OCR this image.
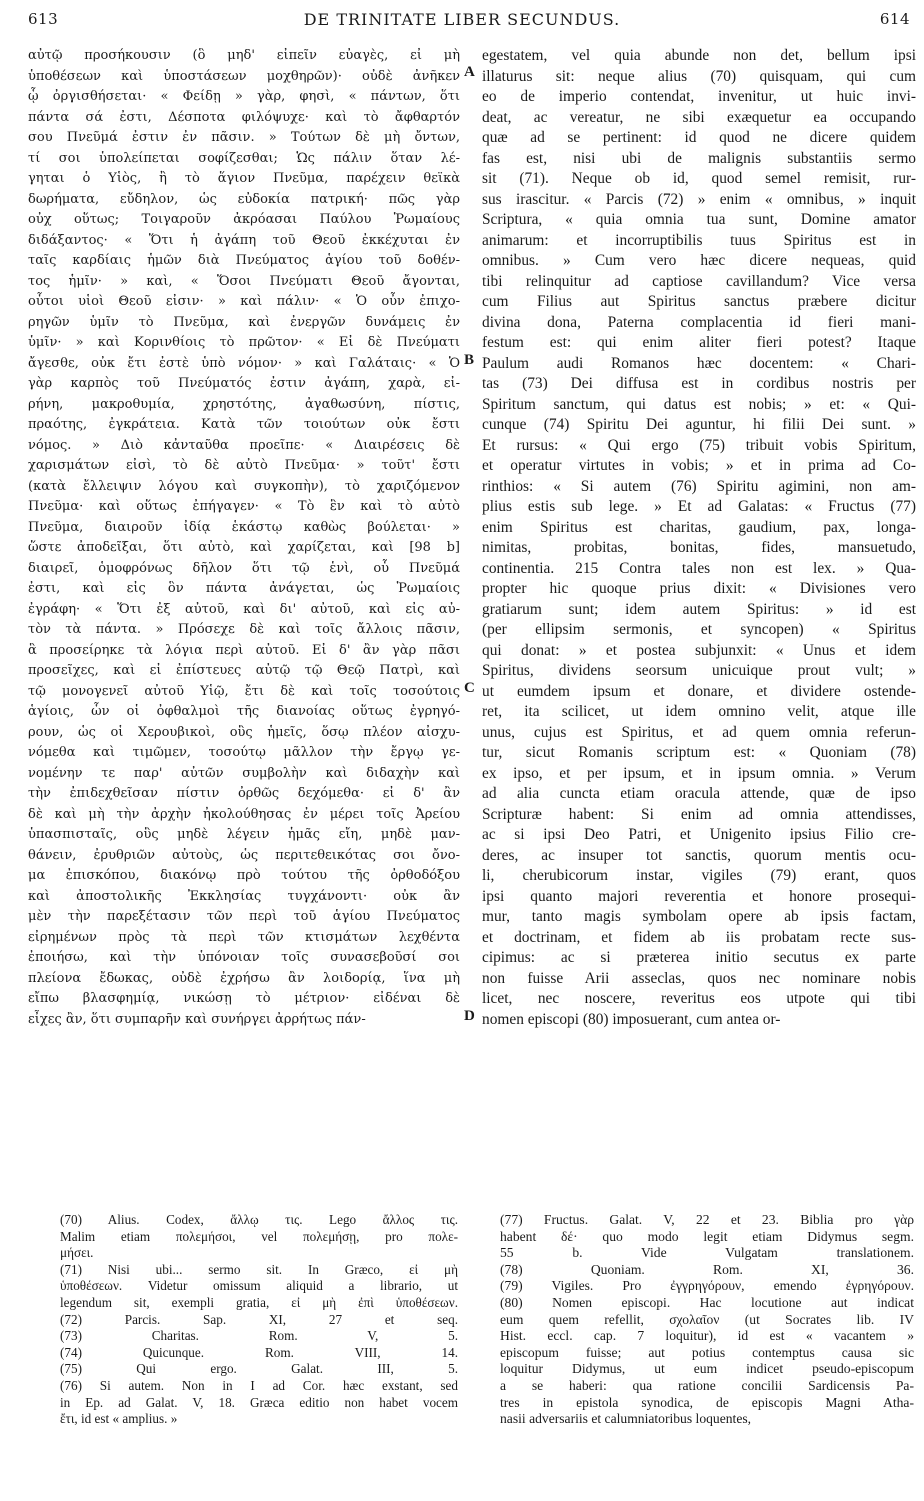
613	DE TRINITATE LIBER SECUNDUS.	614
αὐτῷ προσήκουσιν (ὃ μηδ' εἰπεῖν εὐαγὲς, εἰ μὴ
ὑποθέσεων καὶ ὑποστάσεων μοχθηρῶν)· οὐδὲ ἀνῆκεν
ᾧ ὀργισθήσεται· « Φείδῃ » γὰρ, φησὶ, « πάντων, ὅτι
πάντα σά ἐστι, Δέσποτα φιλόψυχε· καὶ τὸ ἄφθαρτόν
σου Πνεῦμά ἐστιν ἐν πᾶσιν. » Τούτων δὲ μὴ ὄντων,
τί σοι ὑπολείπεται σοφίζεσθαι; Ὡς πάλιν ὅταν λέ-
γηται ὁ Υἱὸς, ἢ τὸ ἅγιον Πνεῦμα, παρέχειν θεϊκὰ
δωρήματα, εὔδηλον, ὡς εὐδοκία πατρική· πῶς γὰρ
οὐχ οὕτως; Τοιγαροῦν ἀκρόασαι Παύλου Ῥωμαίους
διδάξαντος· « Ὅτι ἡ ἀγάπη τοῦ Θεοῦ ἐκκέχυται ἐν
ταῖς καρδίαις ἡμῶν διὰ Πνεύματος ἁγίου τοῦ δοθέν-
τος ἡμῖν· » καὶ, « Ὅσοι Πνεύματι Θεοῦ ἄγονται,
οὗτοι υἱοὶ Θεοῦ εἰσιν· » καὶ πάλιν· « Ὁ οὖν ἐπιχο-
ρηγῶν ὑμῖν τὸ Πνεῦμα, καὶ ἐνεργῶν δυνάμεις ἐν
ὑμῖν· » καὶ Κορινθίοις τὸ πρῶτον· « Εἰ δὲ Πνεύματι
ἄγεσθε, οὐκ ἔτι ἐστὲ ὑπὸ νόμον· » καὶ Γαλάταις· « Ὁ
γὰρ καρπὸς τοῦ Πνεύματός ἐστιν ἀγάπη, χαρὰ, εἰ-
ρήνη, μακροθυμία, χρηστότης, ἀγαθωσύνη, πίστις,
πραότης, ἐγκράτεια. Κατὰ τῶν τοιούτων οὐκ ἔστι
νόμος. » Διὸ κἀνταῦθα προεῖπε· « Διαιρέσεις δὲ
χαρισμάτων εἰσὶ, τὸ δὲ αὐτὸ Πνεῦμα· » τοῦτ' ἔστι
(κατὰ ἔλλειψιν λόγου καὶ συγκοπὴν), τὸ χαριζόμενον
Πνεῦμα· καὶ οὕτως ἐπήγαγεν· « Τὸ ἓν καὶ τὸ αὐτὸ
Πνεῦμα, διαιροῦν ἰδίᾳ ἑκάστῳ καθὼς βούλεται· »
ὥστε ἀποδεῖξαι, ὅτι αὐτὸ, καὶ χαρίζεται, καὶ [98 b]
διαιρεῖ, ὁμοφρόνως δῆλον ὅτι τῷ ἑνὶ, οὗ Πνεῦμά
ἐστι, καὶ εἰς ὃν πάντα ἀνάγεται, ὡς Ῥωμαίοις
ἐγράφη· « Ὅτι ἐξ αὐτοῦ, καὶ δι' αὐτοῦ, καὶ εἰς αὐ-
τὸν τὰ πάντα. » Πρόσεχε δὲ καὶ τοῖς ἄλλοις πᾶσιν,
ἃ προσείρηκε τὰ λόγια περὶ αὐτοῦ. Εἰ δ' ἂν γὰρ πᾶσι
προσεῖχες, καὶ εἰ ἐπίστευες αὐτῷ τῷ Θεῷ Πατρὶ, καὶ
τῷ μονογενεῖ αὐτοῦ Υἱῷ, ἔτι δὲ καὶ τοῖς τοσούτοις
ἁγίοις, ὧν οἱ ὀφθαλμοὶ τῆς διανοίας οὕτως ἐγρηγό-
ρουν, ὡς οἱ Χερουβικοὶ, οὓς ἡμεῖς, ὅσῳ πλέον αἰσχυ-
νόμεθα καὶ τιμῶμεν, τοσούτῳ μᾶλλον τὴν ἔργῳ γε-
νομένην τε παρ' αὐτῶν συμβολὴν καὶ διδαχὴν καὶ
τὴν ἐπιδεχθεῖσαν πίστιν ὀρθῶς δεχόμεθα· εἰ δ' ἂν
δὲ καὶ μὴ τὴν ἀρχὴν ἠκολούθησας ἐν μέρει τοῖς Ἀρείου
ὑπασπισταῖς, οὓς μηδὲ λέγειν ἡμᾶς εἴη, μηδὲ μαν-
θάνειν, ἐρυθριῶν αὐτοὺς, ὡς περιτεθεικότας σοι ὄνο-
μα ἐπισκόπου, διακόνῳ πρὸ τούτου τῆς ὀρθοδόξου
καὶ ἀποστολικῆς Ἐκκλησίας τυγχάνοντι· οὐκ ἂν
μὲν τὴν παρεξέτασιν τῶν περὶ τοῦ ἁγίου Πνεύματος
εἰρημένων πρὸς τὰ περὶ τῶν κτισμάτων λεχθέντα
ἐποιήσω, καὶ τὴν ὑπόνοιαν τοῖς συνασεβοῦσί σοι
πλείονα ἔδωκας, οὐδὲ ἐχρήσω ἂν λοιδορίᾳ, ἵνα μὴ
εἴπω βλασφημίᾳ, νικώσῃ τὸ μέτριον· εἰδέναι δὲ
εἶχες ἂν, ὅτι συμπαρῆν καὶ συνήργει ἀρρήτως πάν-
egestatem, vel quia abunde non det, bellum ipsi
illaturus sit: neque alius (70) quisquam, qui cum
eo de imperio contendat, invenitur, ut huic invi-
deat, ac vereatur, ne sibi exæquetur ea occupando
quæ ad se pertinent: id quod ne dicere quidem
fas est, nisi ubi de malignis substantiis sermo
sit (71). Neque ob id, quod semel remisit, rur-
sus irascitur. « Parcis (72) » enim « omnibus, » inquit
Scriptura, « quia omnia tua sunt, Domine amator
animarum: et incorruptibilis tuus Spiritus est in
omnibus. » Cum vero hæc dicere nequeas, quid
tibi relinquitur ad captiose cavillandum? Vice versa
cum Filius aut Spiritus sanctus præbere dicitur
divina dona, Paterna complacentia id fieri mani-
festum est: qui enim aliter fieri potest? Itaque
Paulum audi Romanos hæc docentem: « Chari-
tas (73) Dei diffusa est in cordibus nostris per
Spiritum sanctum, qui datus est nobis; » et: « Qui-
cunque (74) Spiritu Dei aguntur, hi filii Dei sunt. »
Et rursus: « Qui ergo (75) tribuit vobis Spiritum,
et operatur virtutes in vobis; » et in prima ad Co-
rinthios: « Si autem (76) Spiritu agimini, non am-
plius estis sub lege. » Et ad Galatas: « Fructus (77)
enim Spiritus est charitas, gaudium, pax, longa-
nimitas, probitas, bonitas, fides, mansuetudo,
continentia. 215 Contra tales non est lex. » Qua-
propter hic quoque prius dixit: « Divisiones vero
gratiarum sunt; idem autem Spiritus: » id est
(per ellipsim sermonis, et syncopen) « Spiritus
qui donat: » et postea subjunxit: « Unus et idem
Spiritus, dividens seorsum unicuique prout vult; »
ut eumdem ipsum et donare, et dividere ostende-
ret, ita scilicet, ut idem omnino velit, atque ille
unus, cujus est Spiritus, et ad quem omnia referun-
tur, sicut Romanis scriptum est: « Quoniam (78)
ex ipso, et per ipsum, et in ipsum omnia. » Verum
ad alia cuncta etiam oracula attende, quæ de ipso
Scripturæ habent: Si enim ad omnia attendisses,
ac si ipsi Deo Patri, et Unigenito ipsius Filio cre-
deres, ac insuper tot sanctis, quorum mentis ocu-
li, cherubicorum instar, vigiles (79) erant, quos
ipsi quanto majori reverentia et honore prosequi-
mur, tanto magis symbolam opere ab ipsis factam,
et doctrinam, et fidem ab iis probatam recte sus-
cipimus: ac si præterea initio secutus ex parte
non fuisse Arii asseclas, quos nec nominare nobis
licet, nec noscere, reveritus eos utpote qui tibi
nomen episcopi (80) imposuerant, cum antea or-
A
B
C
D
(70) Alius. Codex, ἄλλῳ τις. Lego ἄλλος τις.
Malim etiam πολεμήσοι, vel πολεμήσῃ, pro πολε-
μήσει.
(71) Nisi ubi... sermo sit. In Græco, εἰ μὴ
ὑποθέσεων. Videtur omissum aliquid a librario, ut
legendum sit, exempli gratia, εἰ μὴ ἐπὶ ὑποθέσεων.
(72) Parcis. Sap. XI, 27 et seq.
(73) Charitas. Rom. V, 5.
(74) Quicunque. Rom. VIII, 14.
(75) Qui ergo. Galat. III, 5.
(76) Si autem. Non in I ad Cor. hæc exstant, sed
in Ep. ad Galat. V, 18. Græca editio non habet vocem
ἔτι, id est « amplius. »
(77) Fructus. Galat. V, 22 et 23. Biblia pro γὰρ
habent δέ· quo modo legit etiam Didymus segm.
55 b. Vide Vulgatam translationem.
(78) Quoniam. Rom. XI, 36.
(79) Vigiles. Pro ἐγγρηγόρουν, emendo ἐγρηγόρουν.
(80) Nomen episcopi. Hac locutione aut indicat
eum quem refellit, σχολαῖον (ut Socrates lib. IV
Hist. eccl. cap. 7 loquitur), id est « vacantem »
episcopum fuisse; aut potius contemptus causa sic
loquitur Didymus, ut eum indicet pseudo-episcopum
a se haberi: qua ratione concilii Sardicensis Pa-
tres in epistola synodica, de episcopis Magni Atha-
nasii adversariis et calumniatoribus loquentes,
